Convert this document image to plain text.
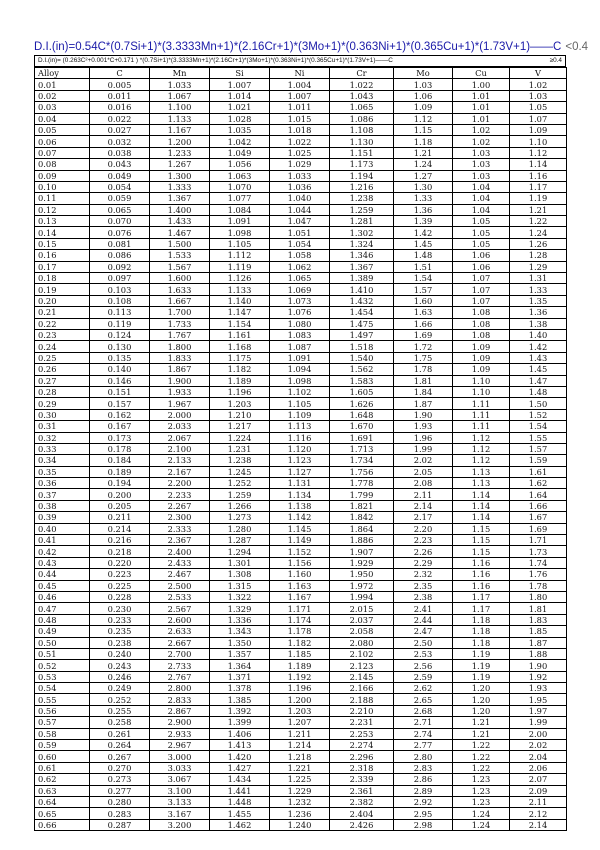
D.I.(in)=0.54C*(0.7Si+1)*(3.3333Mn+1)*(2.16Cr+1)*(3Mo+1)*(0.363Ni+1)*(0.365Cu+1)*(1.73V+1)——C <0.4
D.I.(in)= (0.263C²+0.001*C+0.171 ) *(0.7Si+1)*(3.3333Mn+1)*(2.16Cr+1)*(3Mo+1)*(0.363Ni+1)*(0.365Cu+1)*(1.73V+1)——C	≥0.4
Alloy	C	Mn	Si	Ni	Cr	Mo	Cu	V
0.01	0.005	1.033	1.007	1.004	1.022	1.03	1.00	1.02
0.02	0.011	1.067	1.014	1.007	1.043	1.06	1.01	1.03
0.03	0.016	1.100	1.021	1.011	1.065	1.09	1.01	1.05
0.04	0.022	1.133	1.028	1.015	1.086	1.12	1.01	1.07
0.05	0.027	1.167	1.035	1.018	1.108	1.15	1.02	1.09
0.06	0.032	1.200	1.042	1.022	1.130	1.18	1.02	1.10
0.07	0.038	1.233	1.049	1.025	1.151	1.21	1.03	1.12
0.08	0.043	1.267	1.056	1.029	1.173	1.24	1.03	1.14
0.09	0.049	1.300	1.063	1.033	1.194	1.27	1.03	1.16
0.10	0.054	1.333	1.070	1.036	1.216	1.30	1.04	1.17
0.11	0.059	1.367	1.077	1.040	1.238	1.33	1.04	1.19
0.12	0.065	1.400	1.084	1.044	1.259	1.36	1.04	1.21
0.13	0.070	1.433	1.091	1.047	1.281	1.39	1.05	1.22
0.14	0.076	1.467	1.098	1.051	1.302	1.42	1.05	1.24
0.15	0.081	1.500	1.105	1.054	1.324	1.45	1.05	1.26
0.16	0.086	1.533	1.112	1.058	1.346	1.48	1.06	1.28
0.17	0.092	1.567	1.119	1.062	1.367	1.51	1.06	1.29
0.18	0.097	1.600	1.126	1.065	1.389	1.54	1.07	1.31
0.19	0.103	1.633	1.133	1.069	1.410	1.57	1.07	1.33
0.20	0.108	1.667	1.140	1.073	1.432	1.60	1.07	1.35
0.21	0.113	1.700	1.147	1.076	1.454	1.63	1.08	1.36
0.22	0.119	1.733	1.154	1.080	1.475	1.66	1.08	1.38
0.23	0.124	1.767	1.161	1.083	1.497	1.69	1.08	1.40
0.24	0.130	1.800	1.168	1.087	1.518	1.72	1.09	1.42
0.25	0.135	1.833	1.175	1.091	1.540	1.75	1.09	1.43
0.26	0.140	1.867	1.182	1.094	1.562	1.78	1.09	1.45
0.27	0.146	1.900	1.189	1.098	1.583	1.81	1.10	1.47
0.28	0.151	1.933	1.196	1.102	1.605	1.84	1.10	1.48
0.29	0.157	1.967	1.203	1.105	1.626	1.87	1.11	1.50
0.30	0.162	2.000	1.210	1.109	1.648	1.90	1.11	1.52
0.31	0.167	2.033	1.217	1.113	1.670	1.93	1.11	1.54
0.32	0.173	2.067	1.224	1.116	1.691	1.96	1.12	1.55
0.33	0.178	2.100	1.231	1.120	1.713	1.99	1.12	1.57
0.34	0.184	2.133	1.238	1.123	1.734	2.02	1.12	1.59
0.35	0.189	2.167	1.245	1.127	1.756	2.05	1.13	1.61
0.36	0.194	2.200	1.252	1.131	1.778	2.08	1.13	1.62
0.37	0.200	2.233	1.259	1.134	1.799	2.11	1.14	1.64
0.38	0.205	2.267	1.266	1.138	1.821	2.14	1.14	1.66
0.39	0.211	2.300	1.273	1.142	1.842	2.17	1.14	1.67
0.40	0.214	2.333	1.280	1.145	1.864	2.20	1.15	1.69
0.41	0.216	2.367	1.287	1.149	1.886	2.23	1.15	1.71
0.42	0.218	2.400	1.294	1.152	1.907	2.26	1.15	1.73
0.43	0.220	2.433	1.301	1.156	1.929	2.29	1.16	1.74
0.44	0.223	2.467	1.308	1.160	1.950	2.32	1.16	1.76
0.45	0.225	2.500	1.315	1.163	1.972	2.35	1.16	1.78
0.46	0.228	2.533	1.322	1.167	1.994	2.38	1.17	1.80
0.47	0.230	2.567	1.329	1.171	2.015	2.41	1.17	1.81
0.48	0.233	2.600	1.336	1.174	2.037	2.44	1.18	1.83
0.49	0.235	2.633	1.343	1.178	2.058	2.47	1.18	1.85
0.50	0.238	2.667	1.350	1.182	2.080	2.50	1.18	1.87
0.51	0.240	2.700	1.357	1.185	2.102	2.53	1.19	1.88
0.52	0.243	2.733	1.364	1.189	2.123	2.56	1.19	1.90
0.53	0.246	2.767	1.371	1.192	2.145	2.59	1.19	1.92
0.54	0.249	2.800	1.378	1.196	2.166	2.62	1.20	1.93
0.55	0.252	2.833	1.385	1.200	2.188	2.65	1.20	1.95
0.56	0.255	2.867	1.392	1.203	2.210	2.68	1.20	1.97
0.57	0.258	2.900	1.399	1.207	2.231	2.71	1.21	1.99
0.58	0.261	2.933	1.406	1.211	2.253	2.74	1.21	2.00
0.59	0.264	2.967	1.413	1.214	2.274	2.77	1.22	2.02
0.60	0.267	3.000	1.420	1.218	2.296	2.80	1.22	2.04
0.61	0.270	3.033	1.427	1.221	2.318	2.83	1.22	2.06
0.62	0.273	3.067	1.434	1.225	2.339	2.86	1.23	2.07
0.63	0.277	3.100	1.441	1.229	2.361	2.89	1.23	2.09
0.64	0.280	3.133	1.448	1.232	2.382	2.92	1.23	2.11
0.65	0.283	3.167	1.455	1.236	2.404	2.95	1.24	2.12
0.66	0.287	3.200	1.462	1.240	2.426	2.98	1.24	2.14
